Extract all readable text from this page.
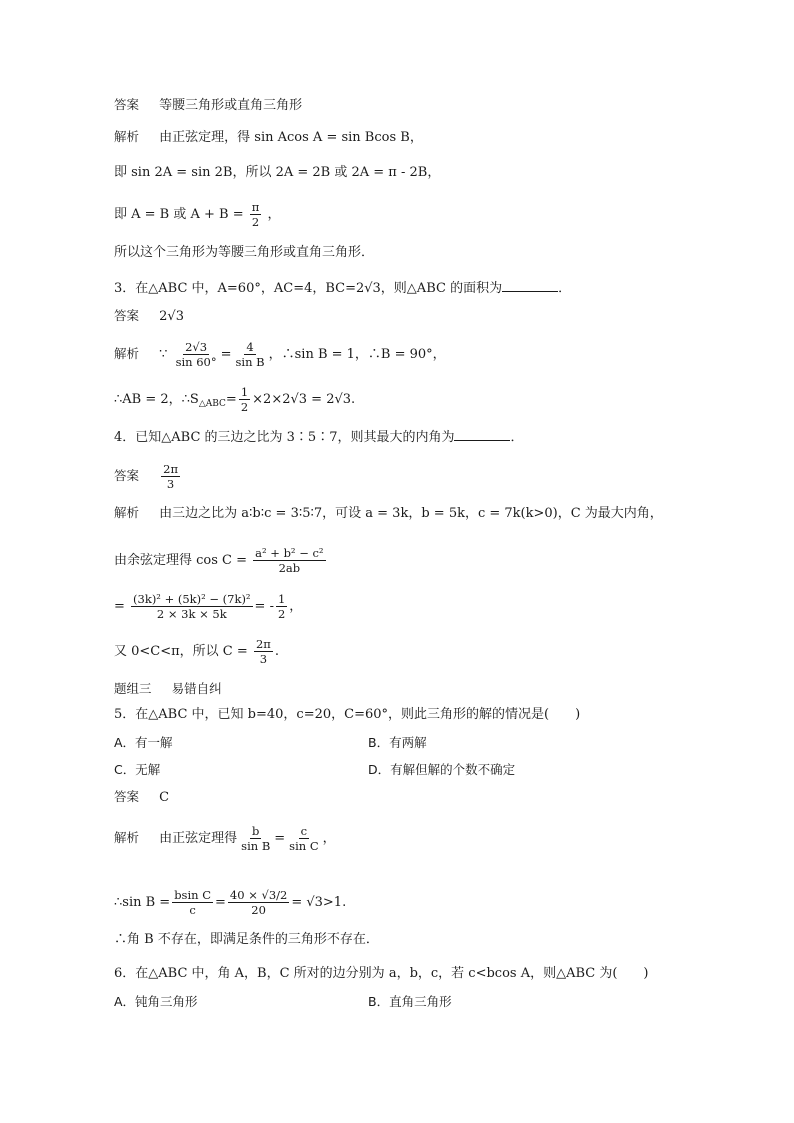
答案 等腰三角形或直角三角形
解析 由正弦定理，得 sin Acos A = sin Bcos B，
即 sin 2A = sin 2B，所以 2A = 2B 或 2A = π - 2B，
即 A = B 或 $A + B = \frac{\pi}{2}$ ，
所以这个三角形为等腰三角形或直角三角形．
3．在△ABC 中，A=60°，AC=4，BC=2√3，则△ABC 的面积为	．
答案 2√3
解析 ∵ $\frac{2√3}{\sin 60^\circ} = \frac{4}{\text{sin B}}$ ，∴sin B = 1，∴B = 90°，
∴AB = 2，$\therefore S_{\triangle ABC}= \frac{1}{2} \times 2\times 2√3 = 2√3$.
4．已知△ABC 的三边之比为 3∶5∶7，则其最大的内角为	．
答案 $\frac{2\pi}{3}$
解析 由三边之比为 a∶b∶c = 3∶5∶7，可设 a = 3k，b = 5k，c = 7k(k>0)，C 为最大内角，
由余弦定理得 $\cos C = \frac{\text{a² + b² − c²}}{2ab}$
= $\frac{\text{(3k)² + (5k)² − (7k)²}}{2 \times 3k \times 5k}$ = - $\frac{1}{2}$ ，
又 0<C<π，所以 $C = \frac{2\pi}{3}$ .
题组三 易错自纠
5．在△ABC 中，已知 b=40，c=20，C=60°，则此三角形的解的情况是(　　)
A．有一解	B．有两解
C．无解	D．有解但解的个数不确定
答案 C
解析 由正弦定理得 $\frac{b}{\text{sin B}} = \frac{c}{\text{sin C}}$ ，
∴sin $B = \frac{\text{bsin C}}{c} = \frac{40 \times √3/2}{20} = √3>1$.
∴角 B 不存在，即满足条件的三角形不存在．
6．在△ABC 中，角 A，B，C 所对的边分别为 a，b，c，若 c<bcos A，则△ABC 为(　　)
A．钝角三角形	B．直角三角形
